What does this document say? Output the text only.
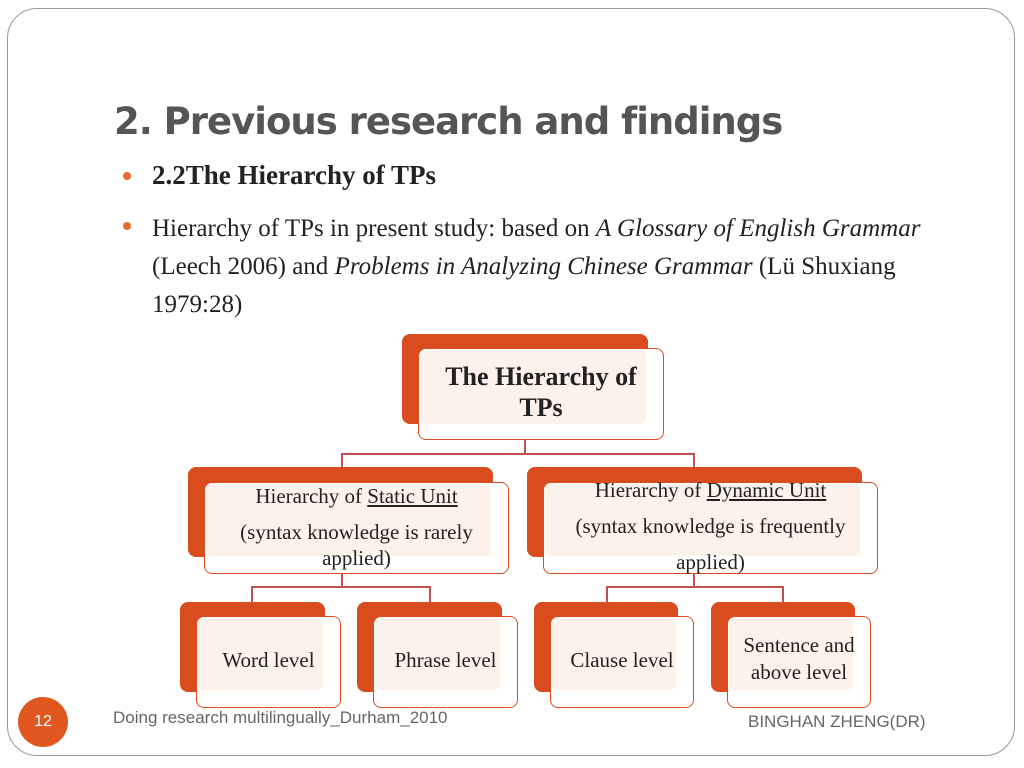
2. Previous research and findings
2.2The Hierarchy of TPs
Hierarchy of TPs in present study: based on A Glossary of English Grammar (Leech 2006) and Problems in Analyzing Chinese Grammar (Lü Shuxiang 1979:28)
The Hierarchy of
TPs
Hierarchy of Static Unit
(syntax knowledge is rarely
applied)
Hierarchy of Dynamic Unit
(syntax knowledge is frequently
applied)
Word level	Phrase level	Clause level
Sentence and
above level
12	Doing research multilingually_Durham_2010	BINGHAN ZHENG(DR)
